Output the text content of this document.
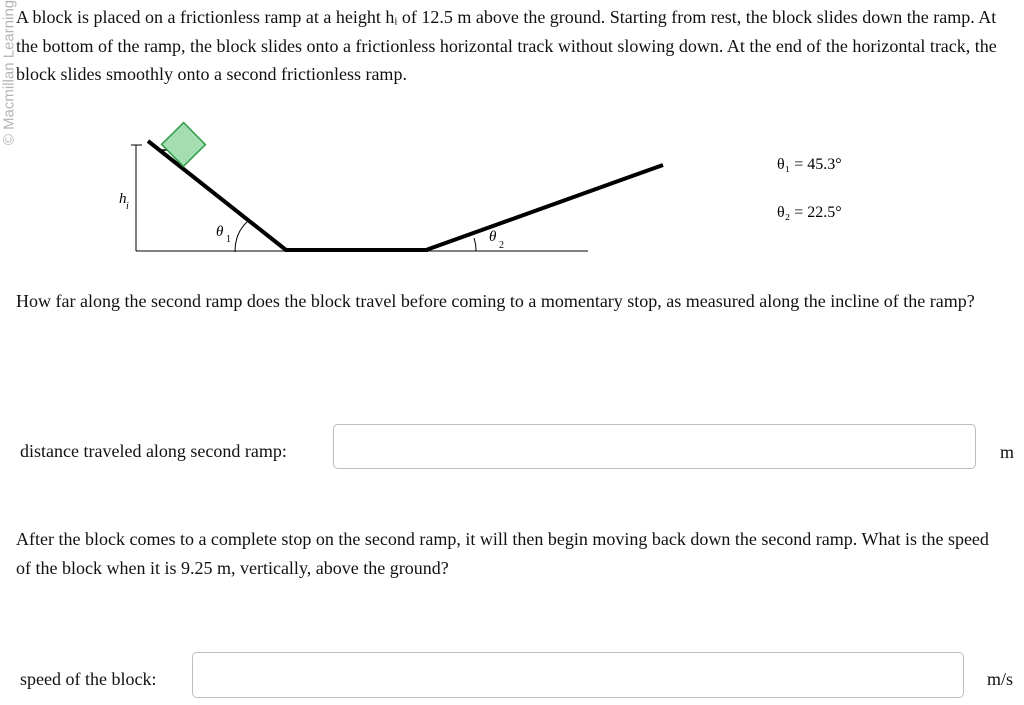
© Macmillan Learning
A block is placed on a frictionless ramp at a height hᵢ of 12.5 m above the ground. Starting from rest, the block slides down the ramp. At the bottom of the ramp, the block slides onto a frictionless horizontal track without slowing down. At the end of the horizontal track, the block slides smoothly onto a second frictionless ramp.
h i
θ 1	θ
2
θ₁ = 45.3°
θ₂ = 22.5°
How far along the second ramp does the block travel before coming to a momentary stop, as measured along the incline of the ramp?
distance traveled along second ramp:	m
After the block comes to a complete stop on the second ramp, it will then begin moving back down the second ramp. What is the speed of the block when it is 9.25 m, vertically, above the ground?
speed of the block:	m/s
